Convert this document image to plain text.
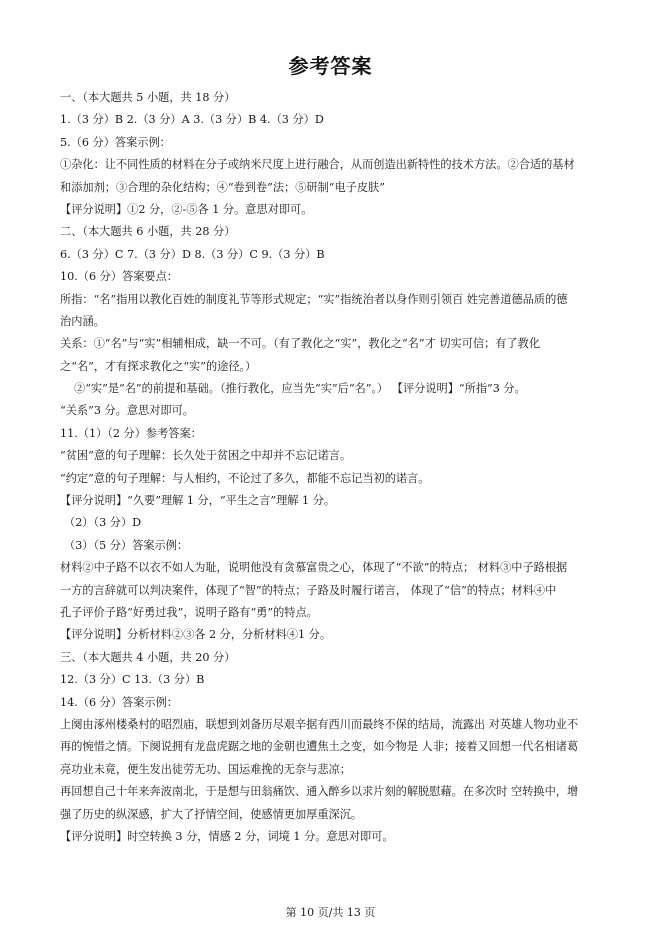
参考答案
一、（本大题共 5 小题，共 18 分）
1.（3 分）B 2.（3 分）A 3.（3 分）B 4.（3 分）D
5.（6 分）答案示例：
①杂化：让不同性质的材料在分子或纳米尺度上进行融合，从而创造出新特性的技术方法。②合适的基材
和添加剂；③合理的杂化结构；④“卷到卷”法；⑤研制“电子皮肤”
【评分说明】①2 分，②-⑤各 1 分。意思对即可。
二、（本大题共 6 小题，共 28 分）
6.（3 分）C 7.（3 分）D 8.（3 分）C 9.（3 分）B
10.（6 分）答案要点：
所指：“名”指用以教化百姓的制度礼节等形式规定；“实”指统治者以身作则引领百 姓完善道德品质的德
治内涵。
关系：①“名”与“实”相辅相成，缺一不可。（有了教化之“实”，教化之“名”才 切实可信；有了教化
之“名”，才有探求教化之“实”的途径。）
②“实”是“名”的前提和基础。（推行教化，应当先“实”后“名”。） 【评分说明】“所指”3 分。
“关系”3 分。意思对即可。
11.（1）（2 分）参考答案：
“贫困”意的句子理解：长久处于贫困之中却并不忘记诺言。
“约定”意的句子理解：与人相约，不论过了多久，都能不忘记当初的诺言。
【评分说明】“久要”理解 1 分，“平生之言”理解 1 分。
（2）（3 分）D
（3）（5 分）答案示例：
材料②中子路不以衣不如人为耻，说明他没有贪慕富贵之心，体现了“不欲”的特点； 材料③中子路根据
一方的言辞就可以判决案件，体现了“智”的特点；子路及时履行诺言， 体现了“信”的特点；材料④中
孔子评价子路“好勇过我”，说明子路有“勇”的特点。
【评分说明】分析材料②③各 2 分，分析材料④1 分。
三、（本大题共 4 小题，共 20 分）
12.（3 分）C 13.（3 分）B
14.（6 分）答案示例：
上阕由涿州楼桑村的昭烈庙，联想到刘备历尽艰辛据有西川而最终不保的结局，流露出 对英雄人物功业不
再的惋惜之情。下阕说拥有龙盘虎踞之地的金朝也遭焦土之变，如今物是 人非；接着又回想一代名相诸葛
亮功业未竟，便生发出徒劳无功、国运难挽的无奈与悲凉；
再回想自己十年来奔波南北，于是想与田翁痛饮、通入醉乡以求片刻的解脱慰藉。在多次时 空转换中，增
强了历史的纵深感，扩大了抒情空间，使感情更加厚重深沉。
【评分说明】时空转换 3 分，情感 2 分，词境 1 分。意思对即可。
第 10 页/共 13 页
